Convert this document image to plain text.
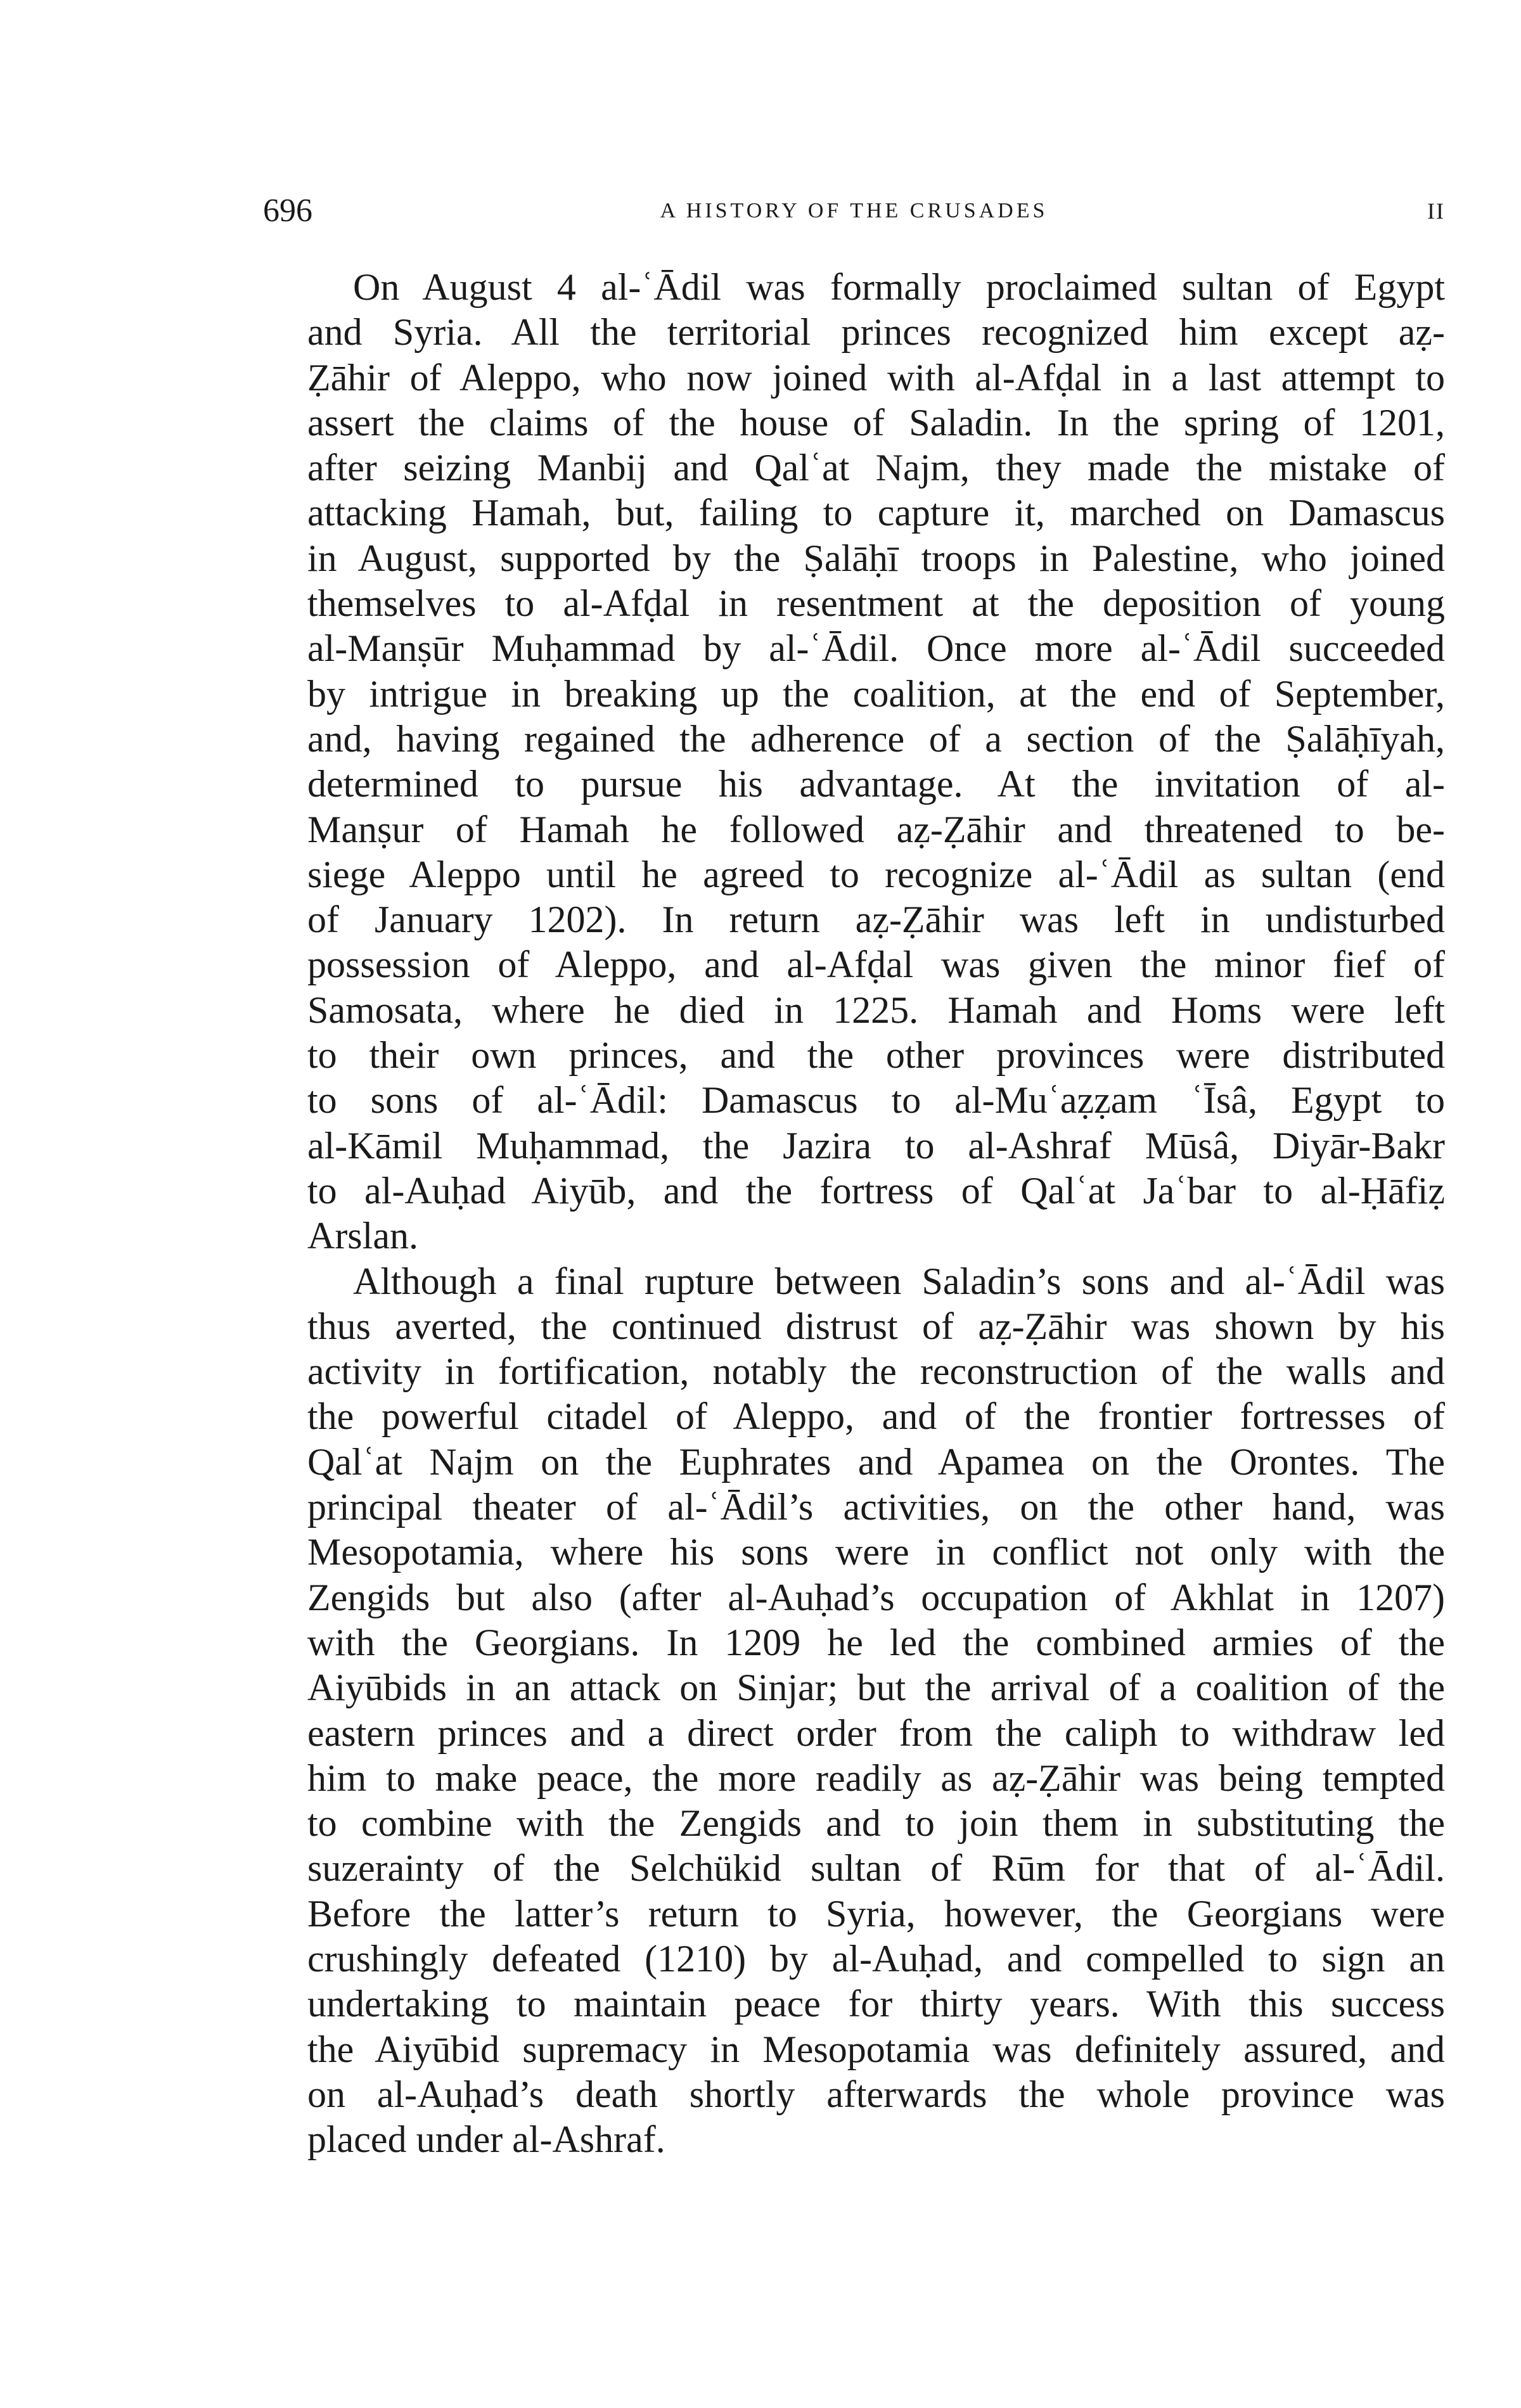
696	A HISTORY OF THE CRUSADES	II
On August 4 al-ʿĀdil was formally proclaimed sultan of Egypt
and Syria. All the territorial princes recognized him except aẓ-
Ẓāhir of Aleppo, who now joined with al-Afḍal in a last attempt to
assert the claims of the house of Saladin. In the spring of 1201,
after seizing Manbij and Qalʿat Najm, they made the mistake of
attacking Hamah, but, failing to capture it, marched on Damascus
in August, supported by the Ṣalāḥī troops in Palestine, who joined
themselves to al-Afḍal in resentment at the deposition of young
al-Manṣūr Muḥammad by al-ʿĀdil. Once more al-ʿĀdil succeeded
by intrigue in breaking up the coalition, at the end of September,
and, having regained the adherence of a section of the Ṣalāḥīyah,
determined to pursue his advantage. At the invitation of al-
Manṣur of Hamah he followed aẓ-Ẓāhir and threatened to be-
siege Aleppo until he agreed to recognize al-ʿĀdil as sultan (end
of January 1202). In return aẓ-Ẓāhir was left in undisturbed
possession of Aleppo, and al-Afḍal was given the minor fief of
Samosata, where he died in 1225. Hamah and Homs were left
to their own princes, and the other provinces were distributed
to sons of al-ʿĀdil: Damascus to al-Muʿaẓẓam ʿĪsâ, Egypt to
al-Kāmil Muḥammad, the Jazira to al-Ashraf Mūsâ, Diyār-Bakr
to al-Auḥad Aiyūb, and the fortress of Qalʿat Jaʿbar to al-Ḥāfiẓ
Arslan.
Although a final rupture between Saladin’s sons and al-ʿĀdil was
thus averted, the continued distrust of aẓ-Ẓāhir was shown by his
activity in fortification, notably the reconstruction of the walls and
the powerful citadel of Aleppo, and of the frontier fortresses of
Qalʿat Najm on the Euphrates and Apamea on the Orontes. The
principal theater of al-ʿĀdil’s activities, on the other hand, was
Mesopotamia, where his sons were in conflict not only with the
Zengids but also (after al-Auḥad’s occupation of Akhlat in 1207)
with the Georgians. In 1209 he led the combined armies of the
Aiyūbids in an attack on Sinjar; but the arrival of a coalition of the
eastern princes and a direct order from the caliph to withdraw led
him to make peace, the more readily as aẓ-Ẓāhir was being tempted
to combine with the Zengids and to join them in substituting the
suzerainty of the Selchükid sultan of Rūm for that of al-ʿĀdil.
Before the latter’s return to Syria, however, the Georgians were
crushingly defeated (1210) by al-Auḥad, and compelled to sign an
undertaking to maintain peace for thirty years. With this success
the Aiyūbid supremacy in Mesopotamia was definitely assured, and
on al-Auḥad’s death shortly afterwards the whole province was
placed under al-Ashraf.
